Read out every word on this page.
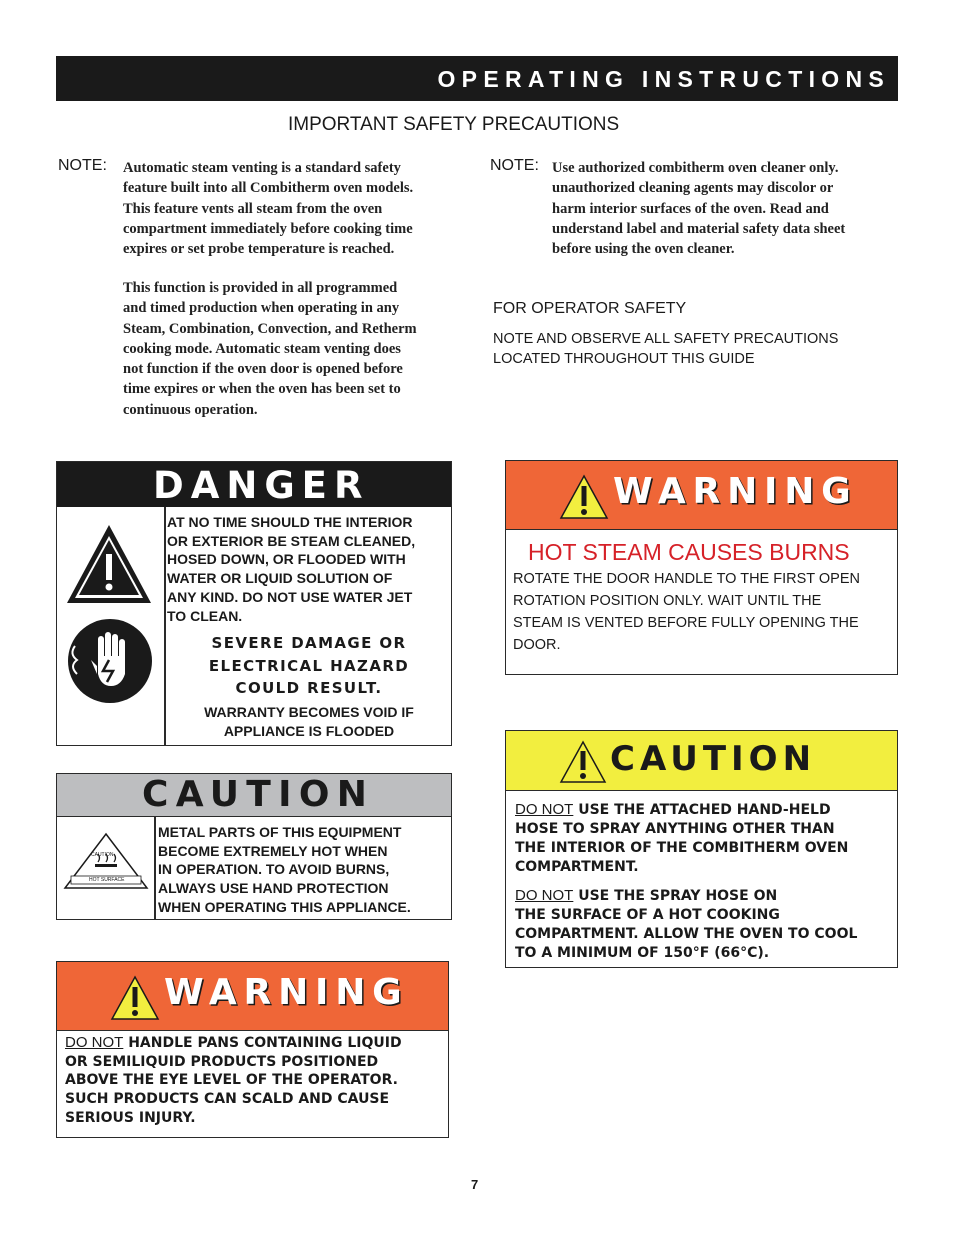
OPERATING INSTRUCTIONS
IMPORTANT SAFETY PRECAUTIONS
NOTE: Automatic steam venting is a standard safety
feature built into all Combitherm oven models.
This feature vents all steam from the oven
compartment immediately before cooking time
expires or set probe temperature is reached.
This function is provided in all programmed
and timed production when operating in any
Steam, Combination, Convection, and Retherm
cooking mode. Automatic steam venting does
not function if the oven door is opened before
time expires or when the oven has been set to
continuous operation.
NOTE: Use authorized combitherm oven cleaner only.
unauthorized cleaning agents may discolor or
harm interior surfaces of the oven. Read and
understand label and material safety data sheet
before using the oven cleaner.
FOR OPERATOR SAFETY
NOTE AND OBSERVE ALL SAFETY PRECAUTIONS
LOCATED THROUGHOUT THIS GUIDE
DANGER
AT NO TIME SHOULD THE INTERIOR
OR EXTERIOR BE STEAM CLEANED,
HOSED DOWN, OR FLOODED WITH
WATER OR LIQUID SOLUTION OF
ANY KIND. DO NOT USE WATER JET
TO CLEAN.
SEVERE DAMAGE OR
ELECTRICAL HAZARD
COULD RESULT.
WARRANTY BECOMES VOID IF
APPLIANCE IS FLOODED
CAUTION
CAUTION
HOT SURFACE
METAL PARTS OF THIS EQUIPMENT
BECOME EXTREMELY HOT WHEN
IN OPERATION. TO AVOID BURNS,
ALWAYS USE HAND PROTECTION
WHEN OPERATING THIS APPLIANCE.
WARNING
DO NOT HANDLE PANS CONTAINING LIQUID
OR SEMILIQUID PRODUCTS POSITIONED
ABOVE THE EYE LEVEL OF THE OPERATOR.
SUCH PRODUCTS CAN SCALD AND CAUSE
SERIOUS INJURY.
WARNING
HOT STEAM CAUSES BURNS
ROTATE THE DOOR HANDLE TO THE FIRST OPEN
ROTATION POSITION ONLY. WAIT UNTIL THE
STEAM IS VENTED BEFORE FULLY OPENING THE
DOOR.
CAUTION
DO NOT USE THE ATTACHED HAND-HELD
HOSE TO SPRAY ANYTHING OTHER THAN
THE INTERIOR OF THE COMBITHERM OVEN
COMPARTMENT.
DO NOT USE THE SPRAY HOSE ON
THE SURFACE OF A HOT COOKING
COMPARTMENT. ALLOW THE OVEN TO COOL
TO A MINIMUM OF 150°F (66°C).
7
